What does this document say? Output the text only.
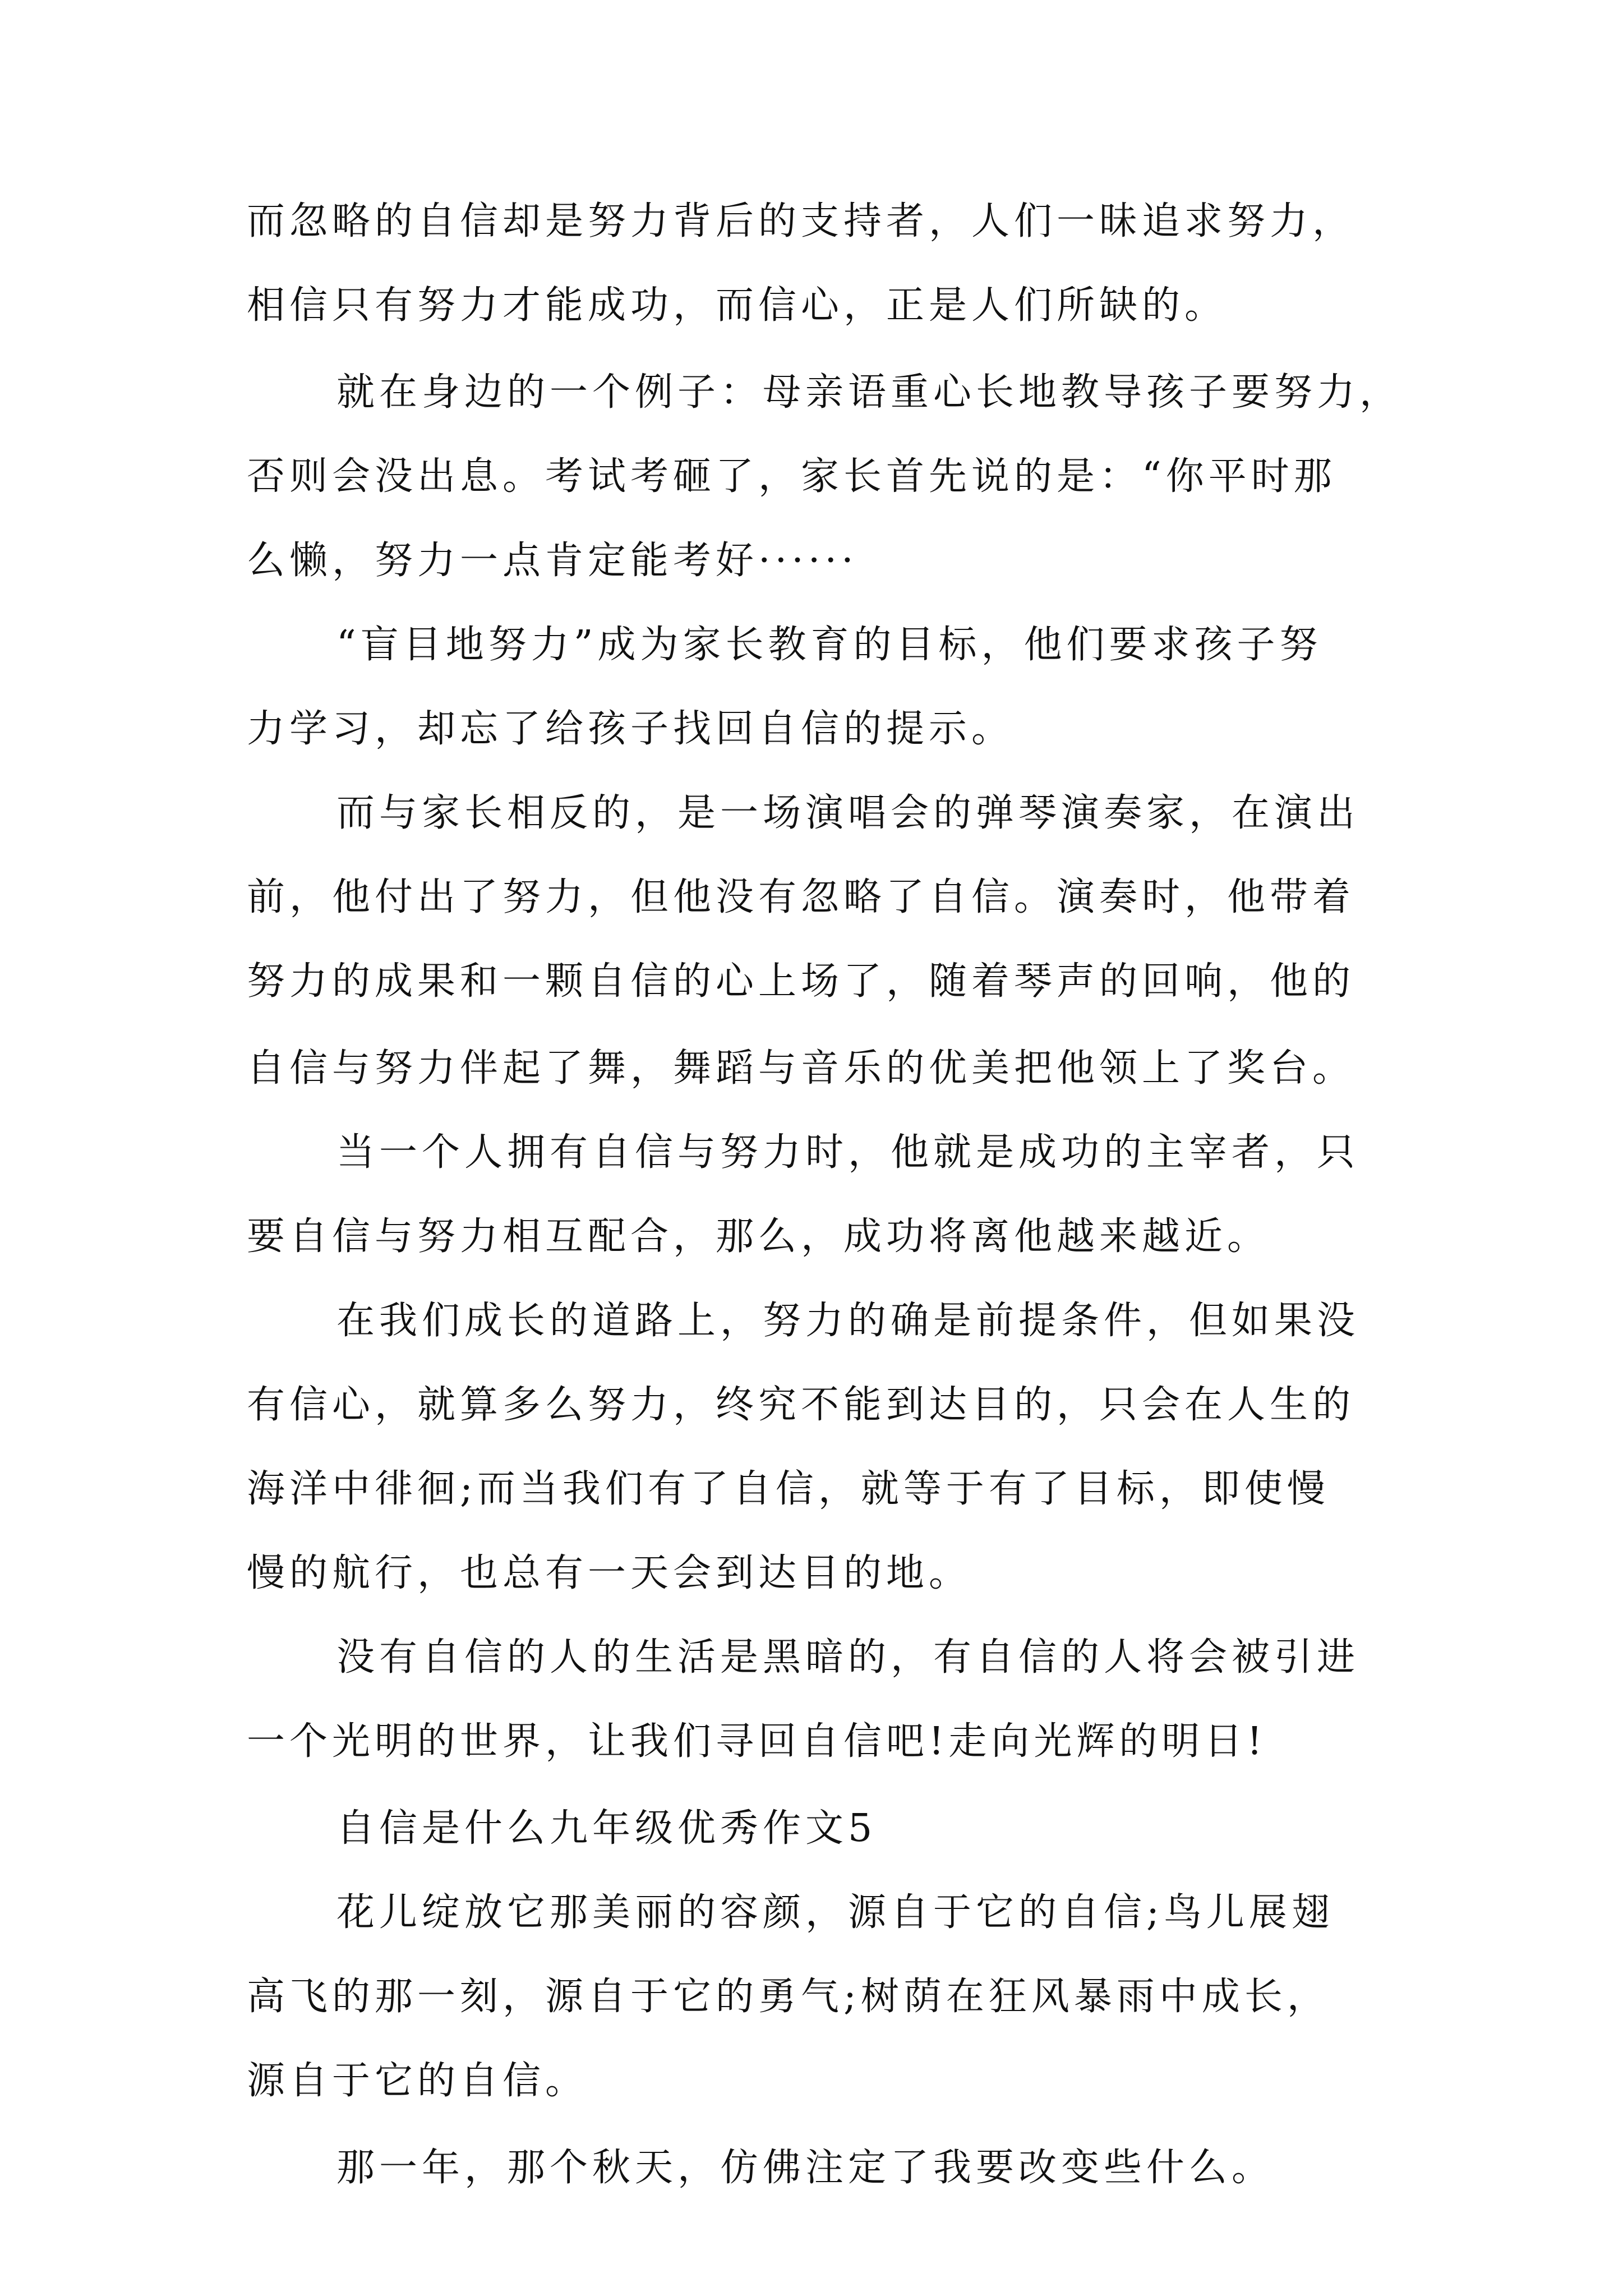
而忽略的自信却是努力背后的支持者，人们一昧追求努力，

相信只有努力才能成功，而信心，正是人们所缺的。

就在身边的一个例子：母亲语重心长地教导孩子要努力，

否则会没出息。考试考砸了，家长首先说的是：“你平时那

么懒，努力一点肯定能考好······

“盲目地努力”成为家长教育的目标，他们要求孩子努

力学习，却忘了给孩子找回自信的提示。

而与家长相反的，是一场演唱会的弹琴演奏家，在演出

前，他付出了努力，但他没有忽略了自信。演奏时，他带着

努力的成果和一颗自信的心上场了，随着琴声的回响，他的

自信与努力伴起了舞，舞蹈与音乐的优美把他领上了奖台。

当一个人拥有自信与努力时，他就是成功的主宰者，只

要自信与努力相互配合，那么，成功将离他越来越近。

在我们成长的道路上，努力的确是前提条件，但如果没

有信心，就算多么努力，终究不能到达目的，只会在人生的

海洋中徘徊;而当我们有了自信，就等于有了目标，即使慢

慢的航行，也总有一天会到达目的地。

没有自信的人的生活是黑暗的，有自信的人将会被引进

一个光明的世界，让我们寻回自信吧!走向光辉的明日!

自信是什么九年级优秀作文5

花儿绽放它那美丽的容颜，源自于它的自信;鸟儿展翅

高飞的那一刻，源自于它的勇气;树荫在狂风暴雨中成长，

源自于它的自信。

那一年，那个秋天，仿佛注定了我要改变些什么。
